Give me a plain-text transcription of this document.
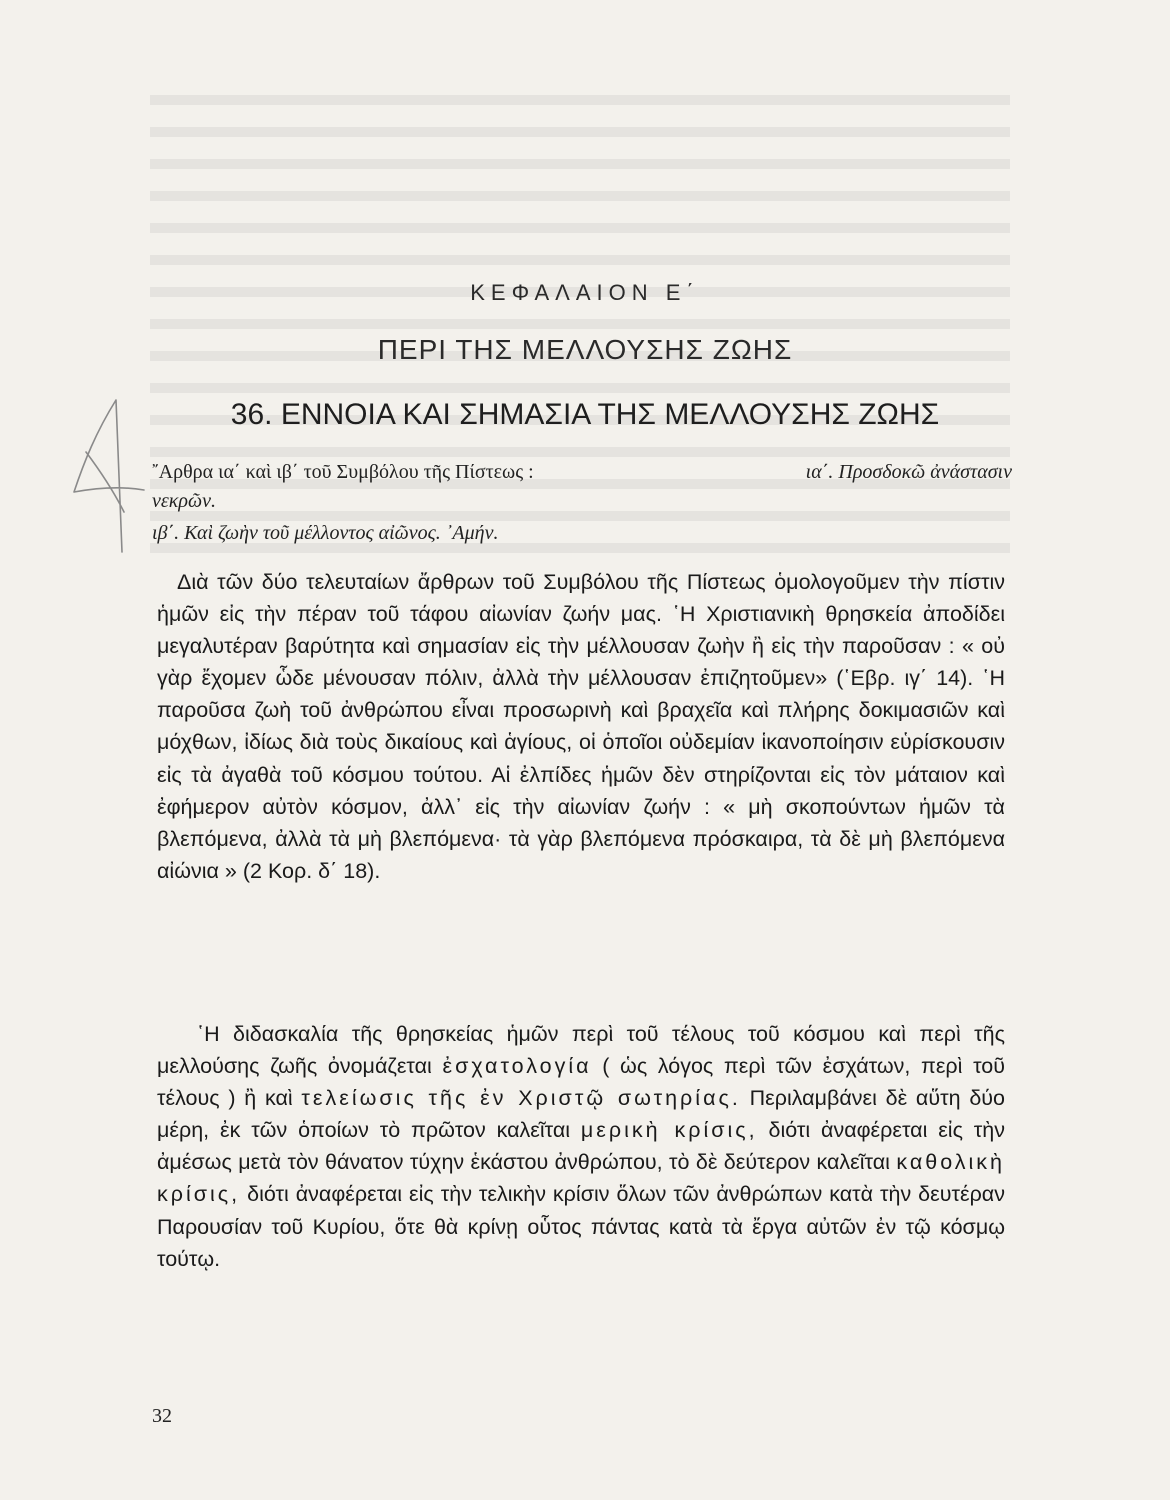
ΚΕΦΑΛΑΙΟΝ Ε΄
ΠΕΡΙ ΤΗΣ ΜΕΛΛΟΥΣΗΣ ΖΩΗΣ
36. ΕΝΝΟΙΑ ΚΑΙ ΣΗΜΑΣΙΑ ΤΗΣ ΜΕΛΛΟΥΣΗΣ ΖΩΗΣ
῎Αρθρα ια΄ καὶ ιβ΄ τοῦ Συμβόλου τῆς Πίστεως :	ια΄. Προσδοκῶ ἀνάστασιν
νεκρῶν.
ιβ΄. Καὶ ζωὴν τοῦ μέλλοντος αἰῶνος. ᾿Αμήν.
Διὰ τῶν δύο τελευταίων ἄρθρων τοῦ Συμβόλου τῆς Πίστεως ὁμολογοῦμεν τὴν πίστιν ἡμῶν εἰς τὴν πέραν τοῦ τάφου αἰωνίαν ζωήν μας. ῾Η Χριστιανικὴ θρησκεία ἀποδίδει μεγαλυτέραν βαρύτητα καὶ σημασίαν εἰς τὴν μέλλουσαν ζωὴν ἢ εἰς τὴν παροῦσαν : « οὐ γὰρ ἔχομεν ὧδε μένουσαν πόλιν, ἀλλὰ τὴν μέλλουσαν ἐπιζητοῦμεν» (῾Εβρ. ιγ΄ 14). ῾Η παροῦσα ζωὴ τοῦ ἀνθρώπου εἶναι προσωρινὴ καὶ βραχεῖα καὶ πλήρης δοκιμασιῶν καὶ μόχθων, ἰδίως διὰ τοὺς δικαίους καὶ ἁγίους, οἱ ὁποῖοι οὐδεμίαν ἱκανοποίησιν εὑρίσκουσιν εἰς τὰ ἀγαθὰ τοῦ κόσμου τούτου. Αἱ ἐλπίδες ἡμῶν δὲν στηρίζονται εἰς τὸν μάταιον καὶ ἐφήμερον αὐτὸν κόσμον, ἀλλ᾿ εἰς τὴν αἰωνίαν ζωήν : « μὴ σκοπούντων ἡμῶν τὰ βλεπόμενα, ἀλλὰ τὰ μὴ βλεπόμενα· τὰ γὰρ βλεπόμενα πρόσκαιρα, τὰ δὲ μὴ βλεπόμενα αἰώνια » (2 Κορ. δ΄ 18).
῾Η διδασκαλία τῆς θρησκείας ἡμῶν περὶ τοῦ τέλους τοῦ κόσμου καὶ περὶ τῆς μελλούσης ζωῆς ὀνομάζεται ἐσχατολογία ( ὡς λόγος περὶ τῶν ἐσχάτων, περὶ τοῦ τέλους ) ἢ καὶ τελείωσις τῆς ἐν Χριστῷ σωτηρίας. Περιλαμβάνει δὲ αὕτη δύο μέρη, ἐκ τῶν ὁποίων τὸ πρῶτον καλεῖται μερικὴ κρίσις, διότι ἀναφέρεται εἰς τὴν ἀμέσως μετὰ τὸν θάνατον τύχην ἑκάστου ἀνθρώπου, τὸ δὲ δεύτερον καλεῖται καθολικὴ κρίσις, διότι ἀναφέρεται εἰς τὴν τελικὴν κρίσιν ὅλων τῶν ἀνθρώπων κατὰ τὴν δευτέραν Παρουσίαν τοῦ Κυρίου, ὅτε θὰ κρίνῃ οὗτος πάντας κατὰ τὰ ἔργα αὐτῶν ἐν τῷ κόσμῳ τούτῳ.
32
